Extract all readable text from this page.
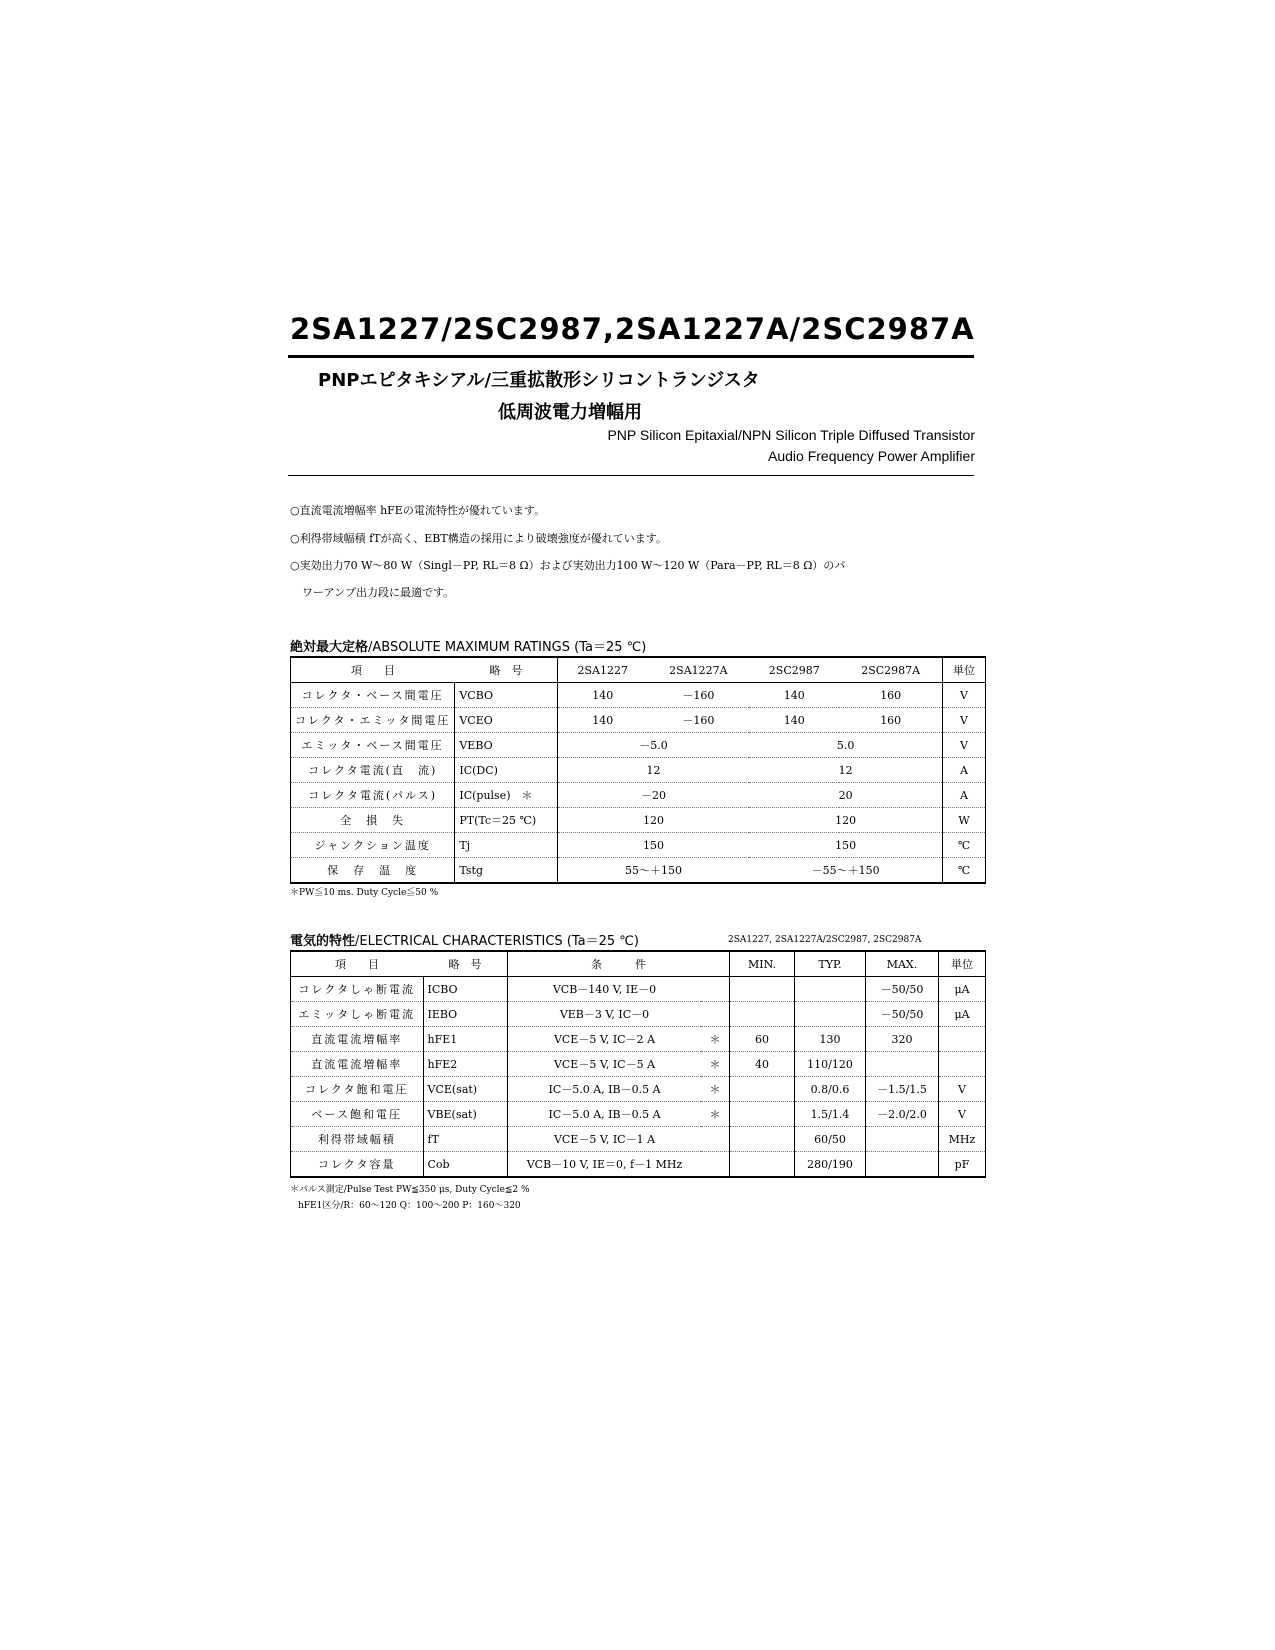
2SA1227/2SC2987,2SA1227A/2SC2987A
PNPエピタキシアル/三重拡散形シリコントランジスタ
低周波電力増幅用
PNP Silicon Epitaxial/NPN Silicon Triple Diffused Transistor
Audio Frequency Power Amplifier
○直流電流増幅率 hFEの電流特性が優れています。
○利得帯域幅積 fTが高く、EBT構造の採用により破壊強度が優れています。
○実効出力70 W～80 W（Singl－PP, RL＝8 Ω）および実効出力100 W～120 W（Para－PP, RL＝8 Ω）のパ
ワーアンプ出力段に最適です。
絶対最大定格/ABSOLUTE MAXIMUM RATINGS (Ta＝25 ℃)
項　　目	略　号	2SA1227	2SA1227A	2SC2987	2SC2987A	単位
コレクタ・ベース間電圧	VCBO	140	－160	140	160	V
コレクタ・エミッタ間電圧	VCEO	140	－160	140	160	V
エミッタ・ベース間電圧	VEBO	－5.0		5.0		V
コレクタ電流(直　流)	IC(DC)	12		12		A
コレクタ電流(パルス)	IC(pulse)　＊	－20		20		A
全　損　失	PT(Tc＝25 ℃)	120		120		W
ジャンクション温度	Tj	150		150		℃
保　存　温　度	Tstg	55～＋150		－55～＋150		℃
＊PW≦10 ms. Duty Cycle≦50 %
電気的特性/ELECTRICAL CHARACTERISTICS (Ta＝25 ℃)	2SA1227, 2SA1227A/2SC2987, 2SC2987A
項　　目	略　号	条　　　件		MIN.	TYP.	MAX.	単位
コレクタしゃ断電流	ICBO	VCB－140 V, IE－0				－50/50	μA
エミッタしゃ断電流	IEBO	VEB－3 V, IC－0				－50/50	μA
直流電流増幅率	hFE1	VCE－5 V, IC－2 A	＊	60	130	320	
直流電流増幅率	hFE2	VCE－5 V, IC－5 A	＊	40	110/120		
コレクタ飽和電圧	VCE(sat)	IC－5.0 A, IB－0.5 A	＊		0.8/0.6	－1.5/1.5	V
ベース飽和電圧	VBE(sat)	IC－5.0 A, IB－0.5 A	＊		1.5/1.4	－2.0/2.0	V
利得帯域幅積	fT	VCE－5 V, IC－1 A			60/50		MHz
コレクタ容量	Cob	VCB－10 V, IE＝0, f－1 MHz			280/190		pF
＊パルス測定/Pulse Test PW≦350 μs, Duty Cycle≦2 %
hFE1区分/R：60～120 Q：100～200 P：160～320
